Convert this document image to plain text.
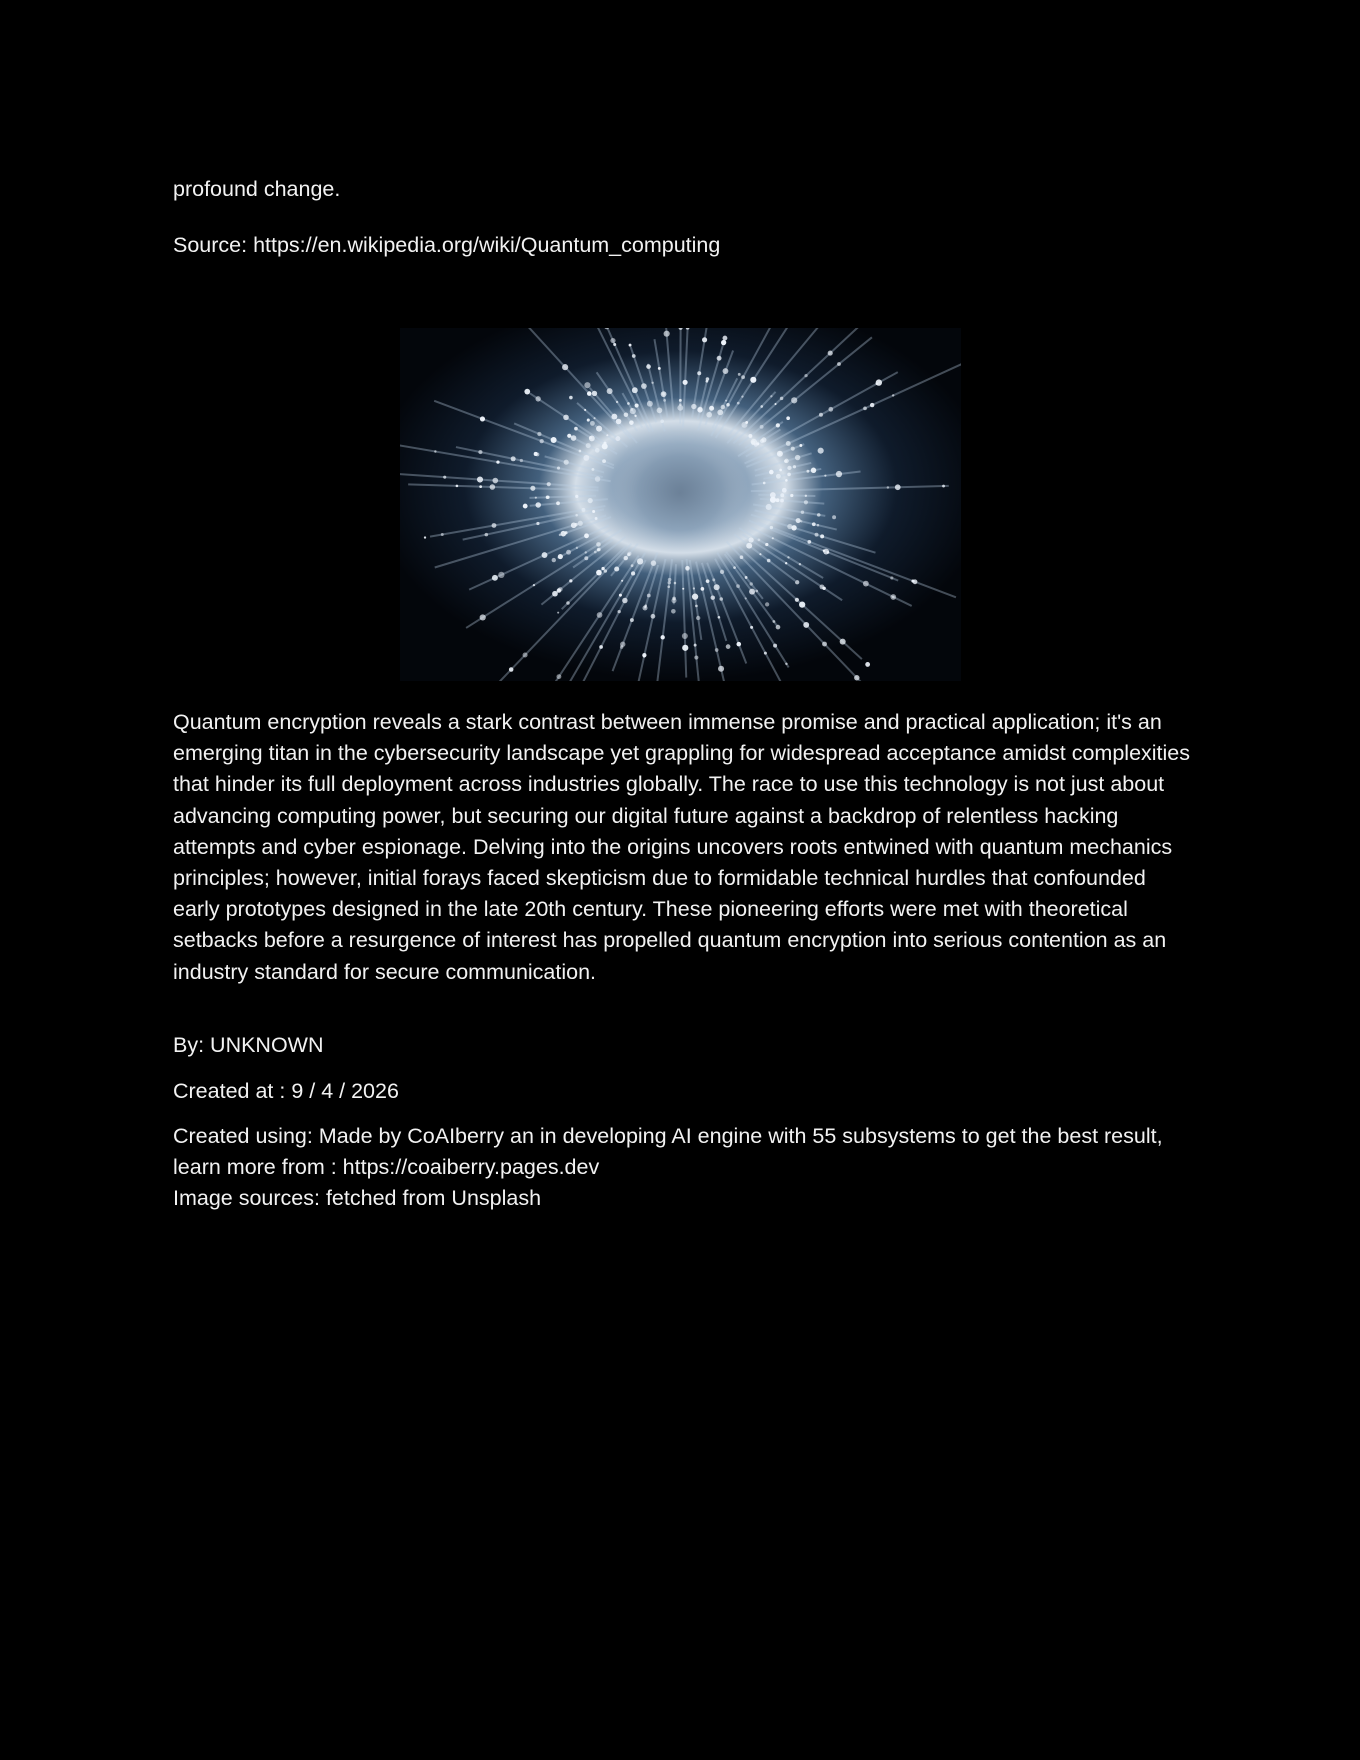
profound change.

Source: https://en.wikipedia.org/wiki/Quantum_computing

Quantum encryption reveals a stark contrast between immense promise and practical application; it's an emerging titan in the cybersecurity landscape yet grappling for widespread acceptance amidst complexities that hinder its full deployment across industries globally. The race to use this technology is not just about advancing computing power, but securing our digital future against a backdrop of relentless hacking attempts and cyber espionage. Delving into the origins uncovers roots entwined with quantum mechanics principles; however, initial forays faced skepticism due to formidable technical hurdles that confounded early prototypes designed in the late 20th century. These pioneering efforts were met with theoretical setbacks before a resurgence of interest has propelled quantum encryption into serious contention as an industry standard for secure communication.

By: UNKNOWN

Created at : 9 / 4 / 2026

Created using: Made by CoAIberry an in developing AI engine with 55 subsystems to get the best result, learn more from : https://coaiberry.pages.dev

Image sources: fetched from Unsplash
